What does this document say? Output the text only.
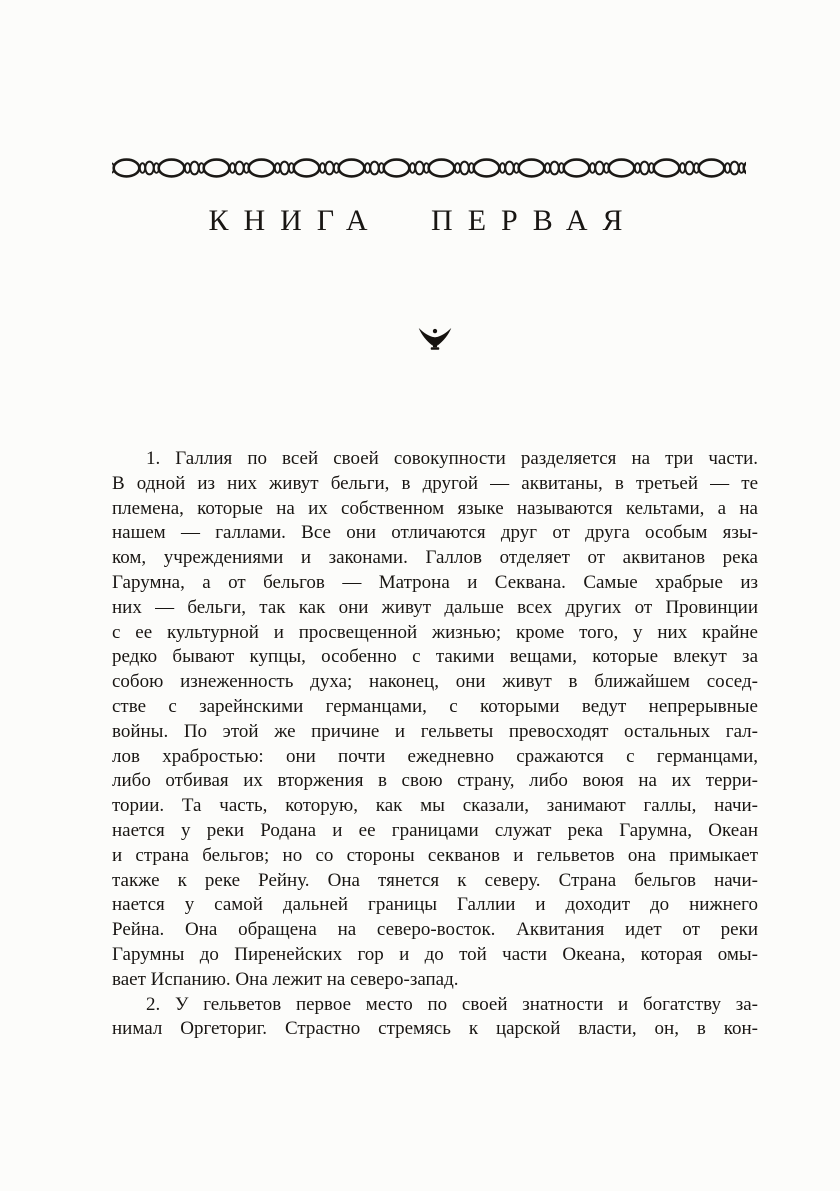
КНИГА ПЕРВАЯ
1. Галлия по всей своей совокупности разделяется на три части.
В одной из них живут бельги, в другой — аквитаны, в третьей — те
племена, которые на их собственном языке называются кельтами, а на
нашем — галлами. Все они отличаются друг от друга особым язы-
ком, учреждениями и законами. Галлов отделяет от аквитанов река
Гарумна, а от бельгов — Матрона и Секвана. Самые храбрые из
них — бельги, так как они живут дальше всех других от Провинции
с ее культурной и просвещенной жизнью; кроме того, у них крайне
редко бывают купцы, особенно с такими вещами, которые влекут за
собою изнеженность духа; наконец, они живут в ближайшем сосед-
стве с зарейнскими германцами, с которыми ведут непрерывные
войны. По этой же причине и гельветы превосходят остальных гал-
лов храбростью: они почти ежедневно сражаются с германцами,
либо отбивая их вторжения в свою страну, либо воюя на их терри-
тории. Та часть, которую, как мы сказали, занимают галлы, начи-
нается у реки Родана и ее границами служат река Гарумна, Океан
и страна бельгов; но со стороны секванов и гельветов она примыкает
также к реке Рейну. Она тянется к северу. Страна бельгов начи-
нается у самой дальней границы Галлии и доходит до нижнего
Рейна. Она обращена на северо-восток. Аквитания идет от реки
Гарумны до Пиренейских гор и до той части Океана, которая омы-
вает Испанию. Она лежит на северо-запад.
2. У гельветов первое место по своей знатности и богатству за-
нимал Оргеториг. Страстно стремясь к царской власти, он, в кон-
